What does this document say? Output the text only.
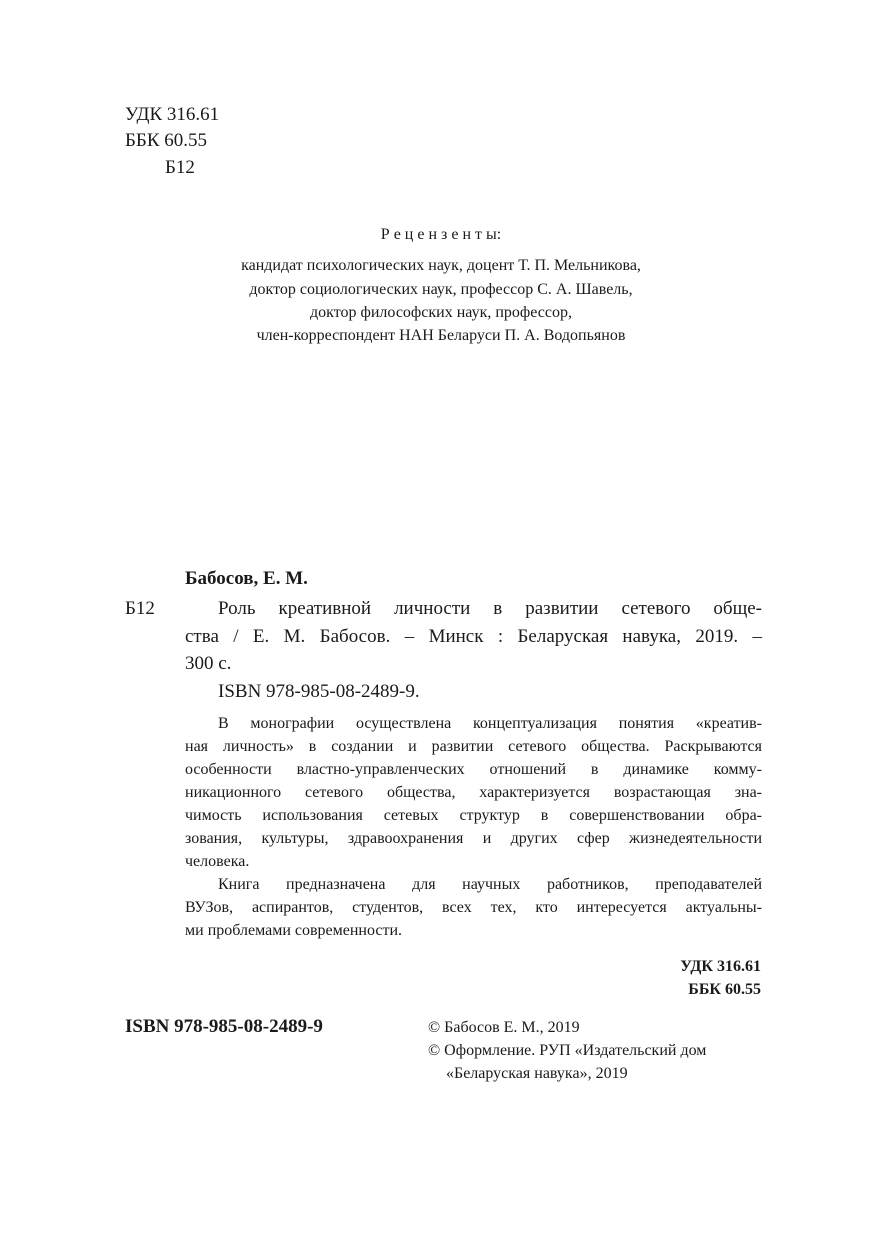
УДК 316.61
ББК 60.55
Б12
Р е ц е н з е н т ы:
кандидат психологических наук, доцент Т. П. Мельникова,
доктор социологических наук, профессор С. А. Шавель,
доктор философских наук, профессор,
член-корреспондент НАН Беларуси П. А. Водопьянов
Бабосов, Е. М.
Б12	Роль креативной личности в развитии сетевого обще-
ства / Е. М. Бабосов. – Минск : Беларуская навука, 2019. –
300 с.
ISBN 978-985-08-2489-9.
В монографии осуществлена концептуализация понятия «креатив-
ная личность» в создании и развитии сетевого общества. Раскрываются
особенности властно-управленческих отношений в динамике комму-
никационного сетевого общества, характеризуется возрастающая зна-
чимость использования сетевых структур в совершенствовании обра-
зования, культуры, здравоохранения и других сфер жизнедеятельности
человека.
Книга предназначена для научных работников, преподавателей
ВУЗов, аспирантов, студентов, всех тех, кто интересуется актуальны-
ми проблемами современности.
УДК 316.61
ББК 60.55
ISBN 978-985-08-2489-9	© Бабосов Е. М., 2019
© Оформление. РУП «Издательский дом
«Беларуская навука», 2019
